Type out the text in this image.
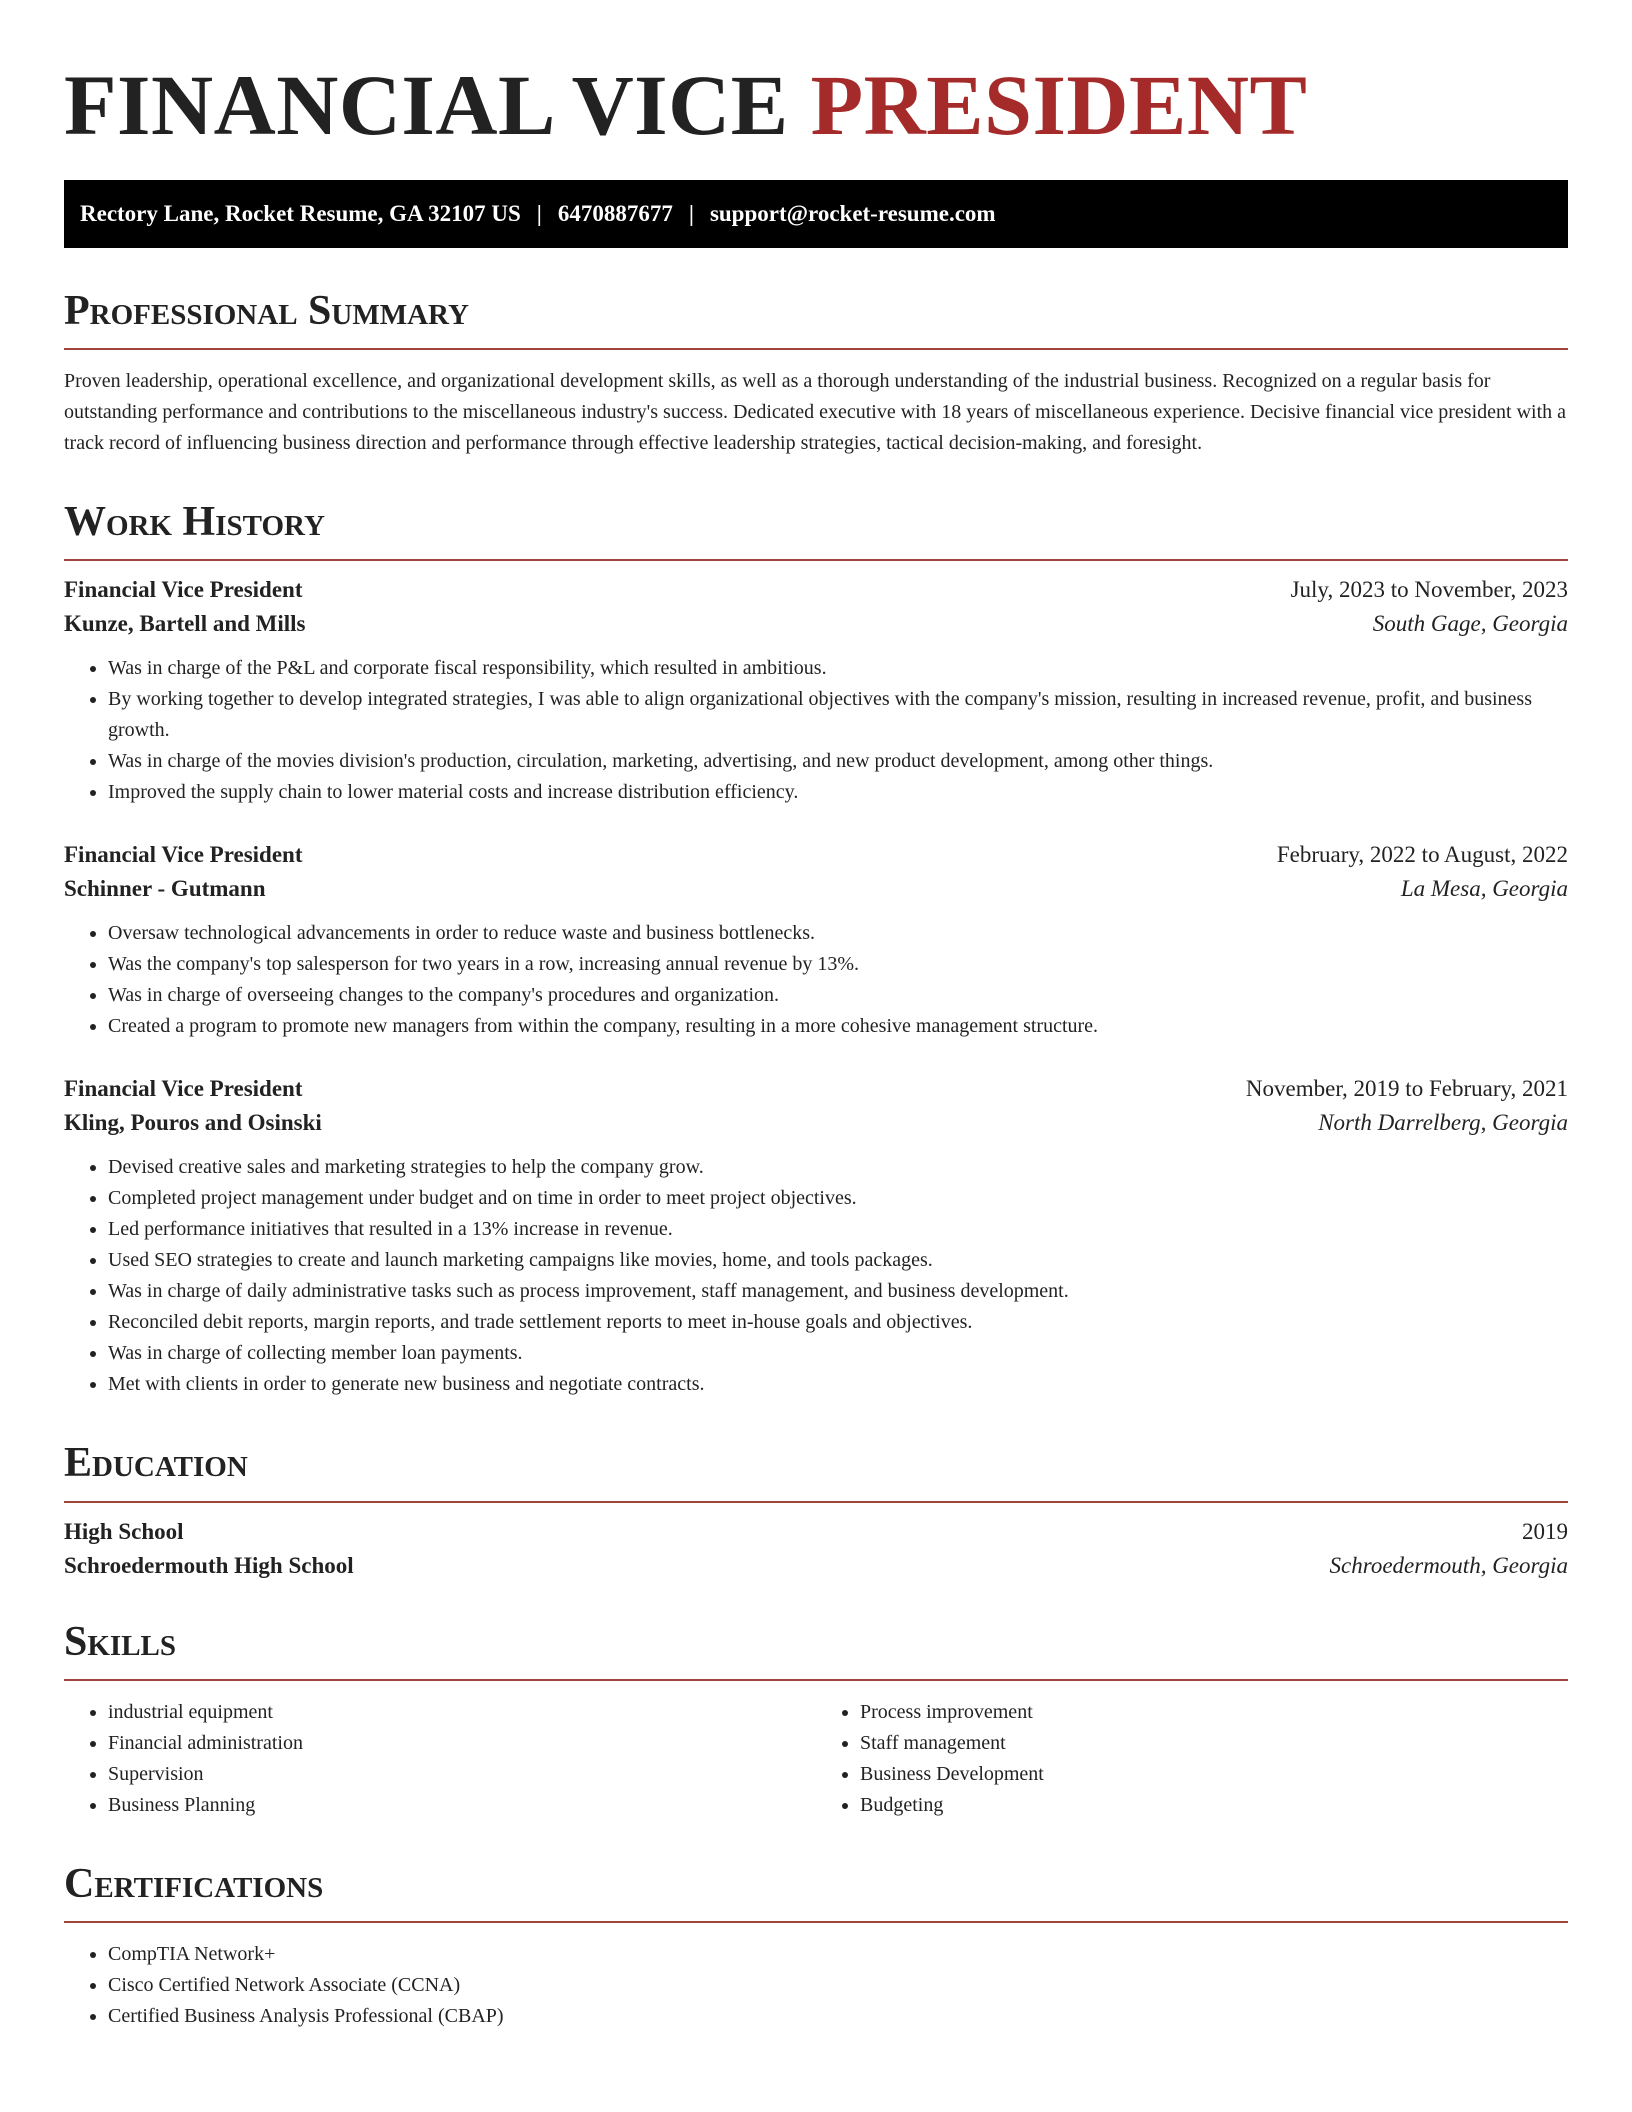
FINANCIAL VICE PRESIDENT
Rectory Lane, Rocket Resume, GA 32107 US | 6470887677 | support@rocket-resume.com
Professional Summary

Proven leadership, operational excellence, and organizational development skills, as well as a thorough understanding of the industrial business. Recognized on a regular basis for outstanding performance and contributions to the miscellaneous industry's success. Dedicated executive with 18 years of miscellaneous experience. Decisive financial vice president with a track record of influencing business direction and performance through effective leadership strategies, tactical decision-making, and foresight.

Work History
Financial Vice President	July, 2023 to November, 2023
Kunze, Bartell and Mills	South Gage, Georgia
• Was in charge of the P&L and corporate fiscal responsibility, which resulted in ambitious.
• By working together to develop integrated strategies, I was able to align organizational objectives with the company's mission, resulting in increased revenue, profit, and business growth.
• Was in charge of the movies division's production, circulation, marketing, advertising, and new product development, among other things.
• Improved the supply chain to lower material costs and increase distribution efficiency.
Financial Vice President	February, 2022 to August, 2022
Schinner - Gutmann	La Mesa, Georgia
• Oversaw technological advancements in order to reduce waste and business bottlenecks.
• Was the company's top salesperson for two years in a row, increasing annual revenue by 13%.
• Was in charge of overseeing changes to the company's procedures and organization.
• Created a program to promote new managers from within the company, resulting in a more cohesive management structure.
Financial Vice President	November, 2019 to February, 2021
Kling, Pouros and Osinski	North Darrelberg, Georgia
• Devised creative sales and marketing strategies to help the company grow.
• Completed project management under budget and on time in order to meet project objectives.
• Led performance initiatives that resulted in a 13% increase in revenue.
• Used SEO strategies to create and launch marketing campaigns like movies, home, and tools packages.
• Was in charge of daily administrative tasks such as process improvement, staff management, and business development.
• Reconciled debit reports, margin reports, and trade settlement reports to meet in-house goals and objectives.
• Was in charge of collecting member loan payments.
• Met with clients in order to generate new business and negotiate contracts.
Education
High School	2019
Schroedermouth High School	Schroedermouth, Georgia
Skills
• industrial equipment
• Financial administration
• Supervision
• Business Planning
• Process improvement
• Staff management
• Business Development
• Budgeting
Certifications
• CompTIA Network+
• Cisco Certified Network Associate (CCNA)
• Certified Business Analysis Professional (CBAP)
